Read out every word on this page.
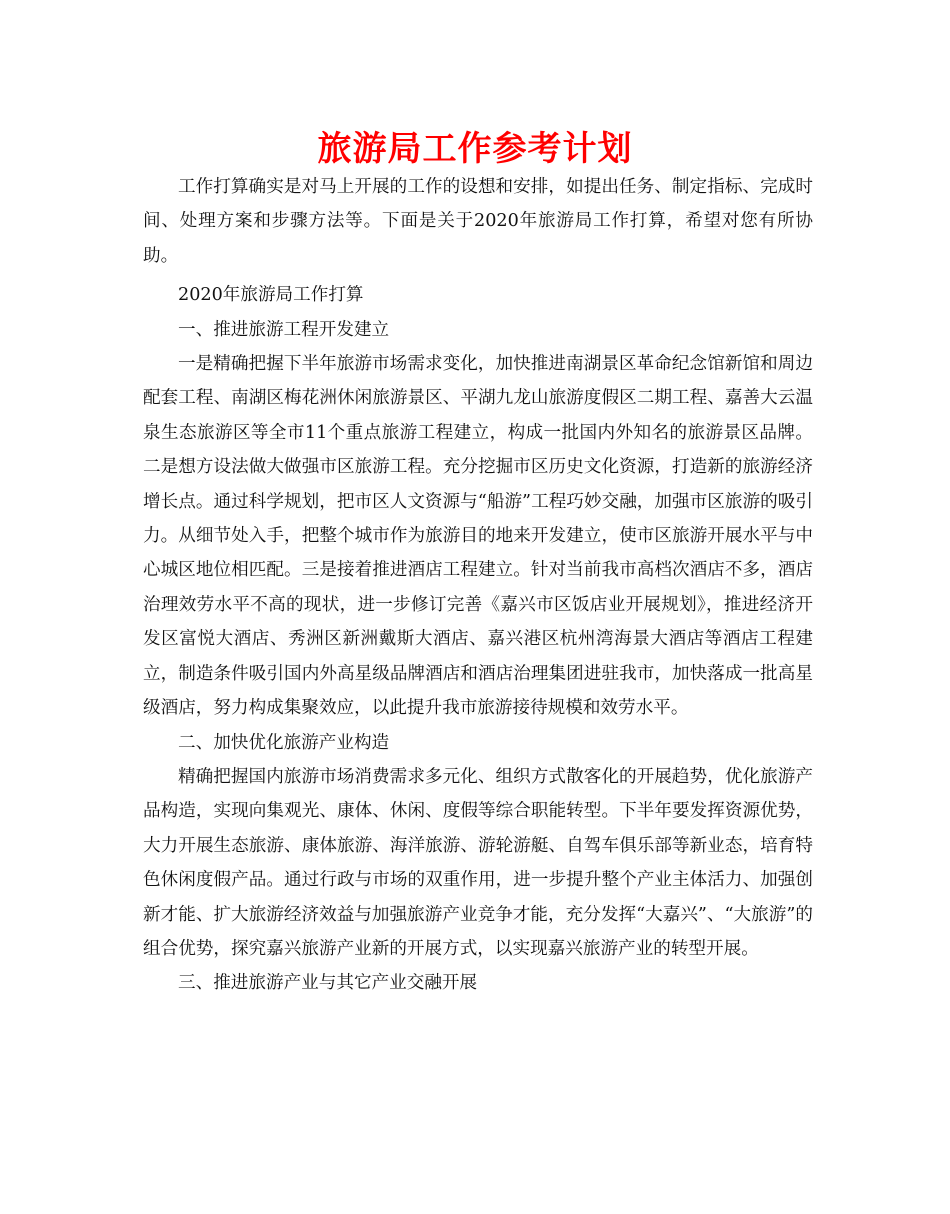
旅游局工作参考计划

工作打算确实是对马上开展的工作的设想和安排，如提出任务、制定指标、完成时间、处理方案和步骤方法等。下面是关于2020年旅游局工作打算，希望对您有所协助。

2020年旅游局工作打算

一、推进旅游工程开发建立

一是精确把握下半年旅游市场需求变化，加快推进南湖景区革命纪念馆新馆和周边配套工程、南湖区梅花洲休闲旅游景区、平湖九龙山旅游度假区二期工程、嘉善大云温泉生态旅游区等全市11个重点旅游工程建立，构成一批国内外知名的旅游景区品牌。二是想方设法做大做强市区旅游工程。充分挖掘市区历史文化资源，打造新的旅游经济增长点。通过科学规划，把市区人文资源与“船游”工程巧妙交融，加强市区旅游的吸引力。从细节处入手，把整个城市作为旅游目的地来开发建立，使市区旅游开展水平与中心城区地位相匹配。三是接着推进酒店工程建立。针对当前我市高档次酒店不多，酒店治理效劳水平不高的现状，进一步修订完善《嘉兴市区饭店业开展规划》，推进经济开发区富悦大酒店、秀洲区新洲戴斯大酒店、嘉兴港区杭州湾海景大酒店等酒店工程建立，制造条件吸引国内外高星级品牌酒店和酒店治理集团进驻我市，加快落成一批高星级酒店，努力构成集聚效应，以此提升我市旅游接待规模和效劳水平。

二、加快优化旅游产业构造

精确把握国内旅游市场消费需求多元化、组织方式散客化的开展趋势，优化旅游产品构造，实现向集观光、康体、休闲、度假等综合职能转型。下半年要发挥资源优势，大力开展生态旅游、康体旅游、海洋旅游、游轮游艇、自驾车俱乐部等新业态，培育特色休闲度假产品。通过行政与市场的双重作用，进一步提升整个产业主体活力、加强创新才能、扩大旅游经济效益与加强旅游产业竞争才能，充分发挥“大嘉兴”、“大旅游”的组合优势，探究嘉兴旅游产业新的开展方式，以实现嘉兴旅游产业的转型开展。

三、推进旅游产业与其它产业交融开展
